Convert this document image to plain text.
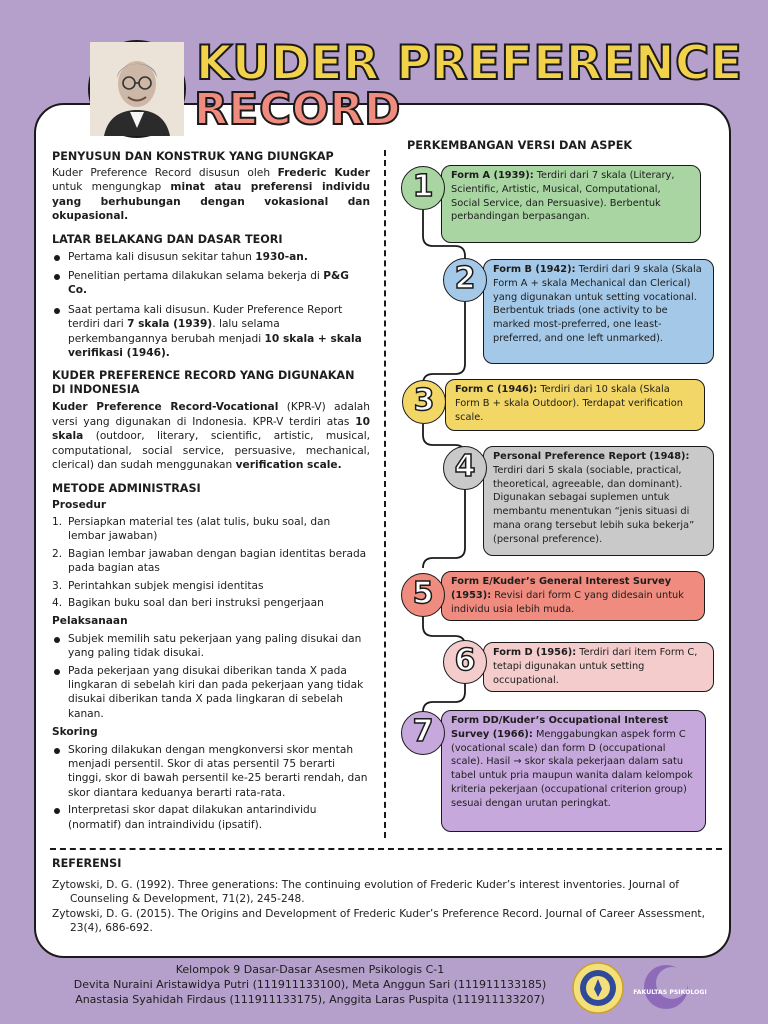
KUDER PREFERENCE
RECORD
PENYUSUN DAN KONSTRUK YANG DIUNGKAP

Kuder Preference Record disusun oleh Frederic Kuder untuk mengungkap minat atau preferensi individu yang berhubungan dengan vokasional dan okupasional.

LATAR BELAKANG DAN DASAR TEORI
Pertama kali disusun sekitar tahun 1930-an.
Penelitian pertama dilakukan selama bekerja di P&G Co.
Saat pertama kali disusun. Kuder Preference Report terdiri dari 7 skala (1939). lalu selama perkembangannya berubah menjadi 10 skala + skala verifikasi (1946).
KUDER PREFERENCE RECORD YANG DIGUNAKAN DI INDONESIA

Kuder Preference Record-Vocational (KPR-V) adalah versi yang digunakan di Indonesia. KPR-V terdiri atas 10 skala (outdoor, literary, scientific, artistic, musical, computational, social service, persuasive, mechanical, clerical) dan sudah menggunakan verification scale.

METODE ADMINISTRASI
Prosedur
1. Persiapkan material tes (alat tulis, buku soal, dan lembar jawaban)
2. Bagian lembar jawaban dengan bagian identitas berada pada bagian atas
3. Perintahkan subjek mengisi identitas
4. Bagikan buku soal dan beri instruksi pengerjaan
Pelaksanaan
Subjek memilih satu pekerjaan yang paling disukai dan yang paling tidak disukai.
Pada pekerjaan yang disukai diberikan tanda X pada lingkaran di sebelah kiri dan pada pekerjaan yang tidak disukai diberikan tanda X pada lingkaran di sebelah kanan.
Skoring
Skoring dilakukan dengan mengkonversi skor mentah menjadi persentil. Skor di atas persentil 75 berarti tinggi, skor di bawah persentil ke-25 berarti rendah, dan skor diantara keduanya berarti rata-rata.
Interpretasi skor dapat dilakukan antarindividu (normatif) dan intraindividu (ipsatif).
PERKEMBANGAN VERSI DAN ASPEK
Form A (1939): Terdiri dari 7 skala (Literary, Scientific, Artistic, Musical, Computational, Social Service, dan Persuasive). Berbentuk perbandingan berpasangan.
1
Form B (1942): Terdiri dari 9 skala (Skala Form A + skala Mechanical dan Clerical) yang digunakan untuk setting vocational. Berbentuk triads (one activity to be marked most-preferred, one least-preferred, and one left unmarked).
2
Form C (1946): Terdiri dari 10 skala (Skala Form B + skala Outdoor). Terdapat verification scale.
3
Personal Preference Report (1948): Terdiri dari 5 skala (sociable, practical, theoretical, agreeable, dan dominant). Digunakan sebagai suplemen untuk membantu menentukan “jenis situasi di mana orang tersebut lebih suka bekerja” (personal preference).
4
Form E/Kuder’s General Interest Survey (1953): Revisi dari form C yang didesain untuk individu usia lebih muda.
5
Form D (1956): Terdiri dari item Form C, tetapi digunakan untuk setting occupational.
6
Form DD/Kuder’s Occupational Interest Survey (1966): Menggabungkan aspek form C (vocational scale) dan form D (occupational scale). Hasil → skor skala pekerjaan dalam satu tabel untuk pria maupun wanita dalam kelompok kriteria pekerjaan (occupational criterion group) sesuai dengan urutan peringkat.
7
REFERENSI

Zytowski, D. G. (1992). Three generations: The continuing evolution of Frederic Kuder’s interest inventories. Journal of Counseling & Development, 71(2), 245-248.

Zytowski, D. G. (2015). The Origins and Development of Frederic Kuder’s Preference Record. Journal of Career Assessment, 23(4), 686-692.

Kelompok 9 Dasar-Dasar Asesmen Psikologis C-1
Devita Nuraini Aristawidya Putri (111911133100), Meta Anggun Sari (111911133185)
Anastasia Syahidah Firdaus (111911133175), Anggita Laras Puspita (111911133207)
FAKULTAS PSIKOLOGI
